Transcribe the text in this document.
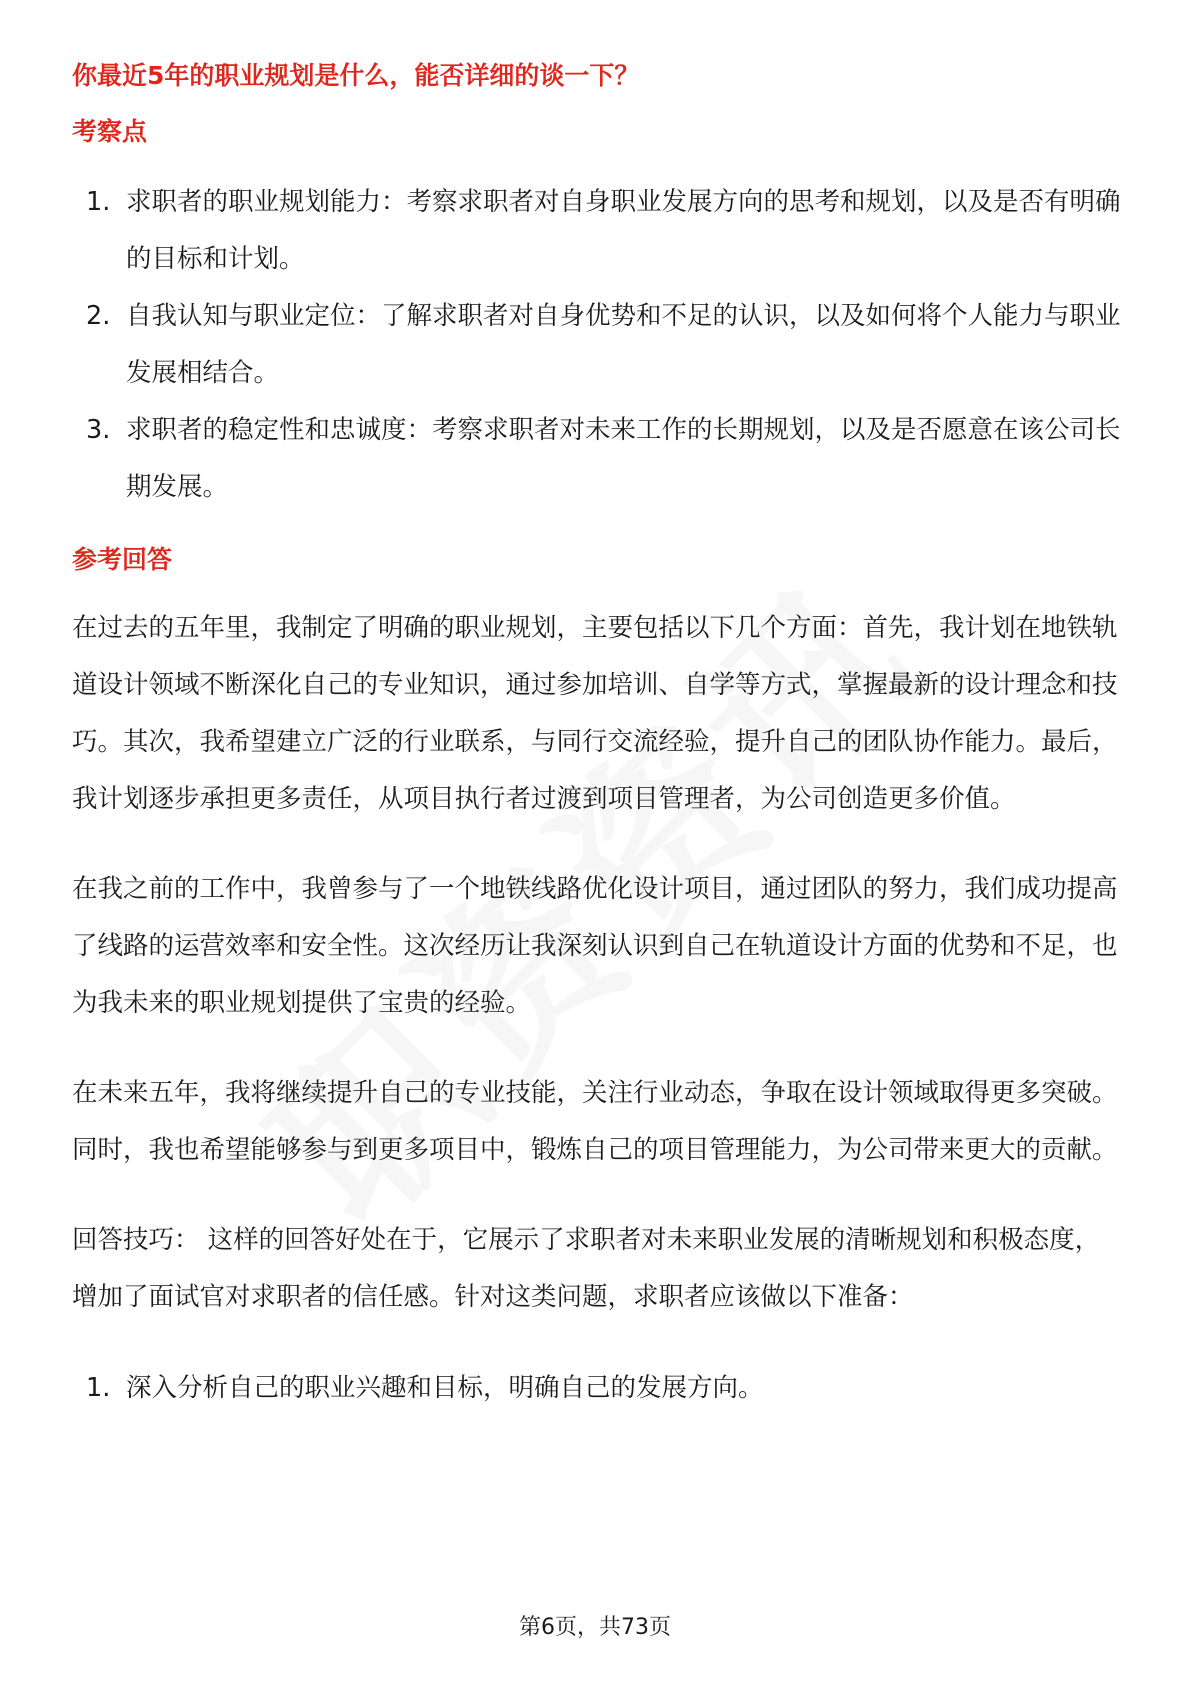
你最近5年的职业规划是什么，能否详细的谈一下？

考察点

1. 求职者的职业规划能力：考察求职者对自身职业发展方向的思考和规划，以及是否有明确的目标和计划。
2. 自我认知与职业定位：了解求职者对自身优势和不足的认识，以及如何将个人能力与职业发展相结合。
3. 求职者的稳定性和忠诚度：考察求职者对未来工作的长期规划，以及是否愿意在该公司长期发展。

参考回答

在过去的五年里，我制定了明确的职业规划，主要包括以下几个方面：首先，我计划在地铁轨道设计领域不断深化自己的专业知识，通过参加培训、自学等方式，掌握最新的设计理念和技巧。其次，我希望建立广泛的行业联系，与同行交流经验，提升自己的团队协作能力。最后，我计划逐步承担更多责任，从项目执行者过渡到项目管理者，为公司创造更多价值。

在我之前的工作中，我曾参与了一个地铁线路优化设计项目，通过团队的努力，我们成功提高了线路的运营效率和安全性。这次经历让我深刻认识到自己在轨道设计方面的优势和不足，也为我未来的职业规划提供了宝贵的经验。

在未来五年，我将继续提升自己的专业技能，关注行业动态，争取在设计领域取得更多突破。同时，我也希望能够参与到更多项目中，锻炼自己的项目管理能力，为公司带来更大的贡献。

回答技巧： 这样的回答好处在于，它展示了求职者对未来职业发展的清晰规划和积极态度，增加了面试官对求职者的信任感。针对这类问题，求职者应该做以下准备：

1. 深入分析自己的职业兴趣和目标，明确自己的发展方向。
第6页，共73页
